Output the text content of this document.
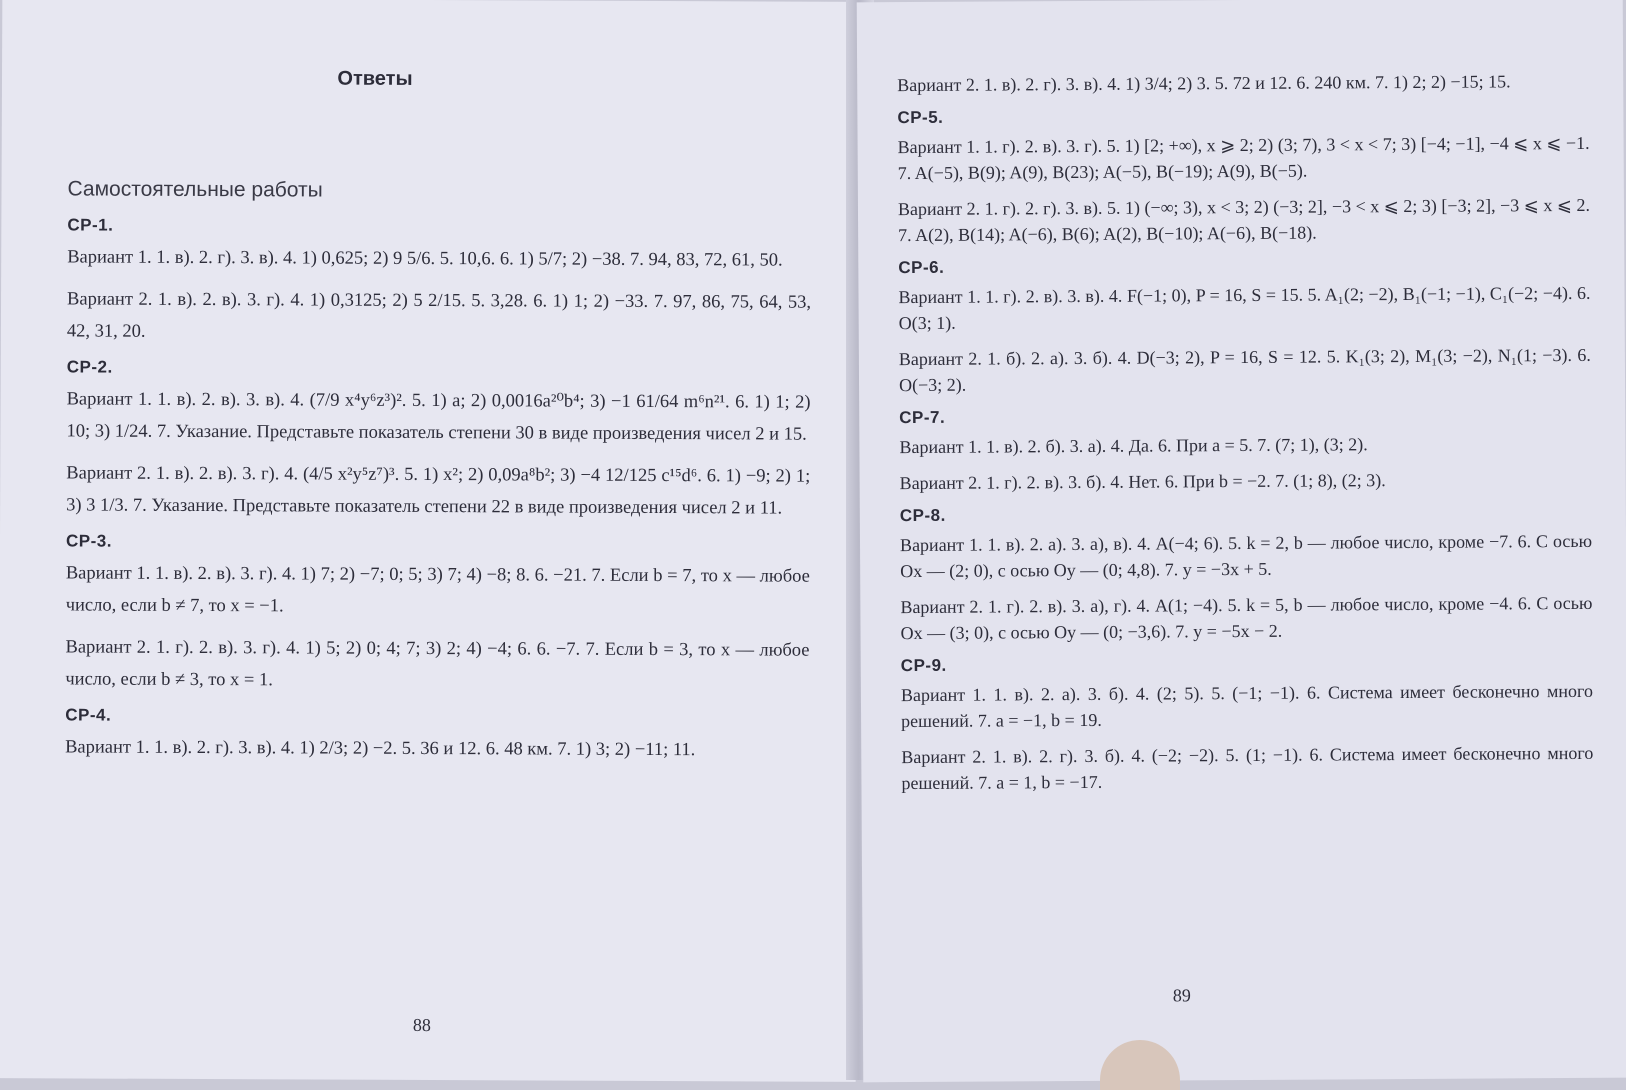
Ответы
Самостоятельные работы
СР-1.
Вариант 1. 1. в). 2. г). 3. в). 4. 1) 0,625; 2) 9 5/6. 5. 10,6. 6. 1) 5/7; 2) −38. 7. 94, 83, 72, 61, 50.
Вариант 2. 1. в). 2. в). 3. г). 4. 1) 0,3125; 2) 5 2/15. 5. 3,28. 6. 1) 1; 2) −33. 7. 97, 86, 75, 64, 53, 42, 31, 20.
СР-2.
Вариант 1. 1. в). 2. в). 3. в). 4. (7/9 x⁴y⁶z³)². 5. 1) a; 2) 0,0016a²⁰b⁴; 3) −1 61/64 m⁶n²¹. 6. 1) 1; 2) 10; 3) 1/24. 7. Указание. Представьте показатель степени 30 в виде произведения чисел 2 и 15.
Вариант 2. 1. в). 2. в). 3. г). 4. (4/5 x²y⁵z⁷)³. 5. 1) x²; 2) 0,09a⁸b²; 3) −4 12/125 c¹⁵d⁶. 6. 1) −9; 2) 1; 3) 3 1/3. 7. Указание. Представьте показатель степени 22 в виде произведения чисел 2 и 11.
СР-3.
Вариант 1. 1. в). 2. в). 3. г). 4. 1) 7; 2) −7; 0; 5; 3) 7; 4) −8; 8. 6. −21. 7. Если b = 7, то x — любое число, если b ≠ 7, то x = −1.
Вариант 2. 1. г). 2. в). 3. г). 4. 1) 5; 2) 0; 4; 7; 3) 2; 4) −4; 6. 6. −7. 7. Если b = 3, то x — любое число, если b ≠ 3, то x = 1.
СР-4.
Вариант 1. 1. в). 2. г). 3. в). 4. 1) 2/3; 2) −2. 5. 36 и 12. 6. 48 км. 7. 1) 3; 2) −11; 11.
88
Вариант 2. 1. в). 2. г). 3. в). 4. 1) 3/4; 2) 3. 5. 72 и 12. 6. 240 км. 7. 1) 2; 2) −15; 15.
СР-5.
Вариант 1. 1. г). 2. в). 3. г). 5. 1) [2; +∞), x ⩾ 2; 2) (3; 7), 3 < x < 7; 3) [−4; −1], −4 ⩽ x ⩽ −1. 7. A(−5), B(9); A(9), B(23); A(−5), B(−19); A(9), B(−5).
Вариант 2. 1. г). 2. г). 3. в). 5. 1) (−∞; 3), x < 3; 2) (−3; 2], −3 < x ⩽ 2; 3) [−3; 2], −3 ⩽ x ⩽ 2. 7. A(2), B(14); A(−6), B(6); A(2), B(−10); A(−6), B(−18).
СР-6.
Вариант 1. 1. г). 2. в). 3. в). 4. F(−1; 0), P = 16, S = 15. 5. A₁(2; −2), B₁(−1; −1), C₁(−2; −4). 6. O(3; 1).
Вариант 2. 1. б). 2. а). 3. б). 4. D(−3; 2), P = 16, S = 12. 5. K₁(3; 2), M₁(3; −2), N₁(1; −3). 6. O(−3; 2).
СР-7.
Вариант 1. 1. в). 2. б). 3. а). 4. Да. 6. При a = 5. 7. (7; 1), (3; 2).
Вариант 2. 1. г). 2. в). 3. б). 4. Нет. 6. При b = −2. 7. (1; 8), (2; 3).
СР-8.
Вариант 1. 1. в). 2. а). 3. а), в). 4. A(−4; 6). 5. k = 2, b — любое число, кроме −7. 6. С осью Ox — (2; 0), с осью Oy — (0; 4,8). 7. y = −3x + 5.
Вариант 2. 1. г). 2. в). 3. а), г). 4. A(1; −4). 5. k = 5, b — любое число, кроме −4. 6. С осью Ox — (3; 0), с осью Oy — (0; −3,6). 7. y = −5x − 2.
СР-9.
Вариант 1. 1. в). 2. а). 3. б). 4. (2; 5). 5. (−1; −1). 6. Система имеет бесконечно много решений. 7. a = −1, b = 19.
Вариант 2. 1. в). 2. г). 3. б). 4. (−2; −2). 5. (1; −1). 6. Система имеет бесконечно много решений. 7. a = 1, b = −17.
89
